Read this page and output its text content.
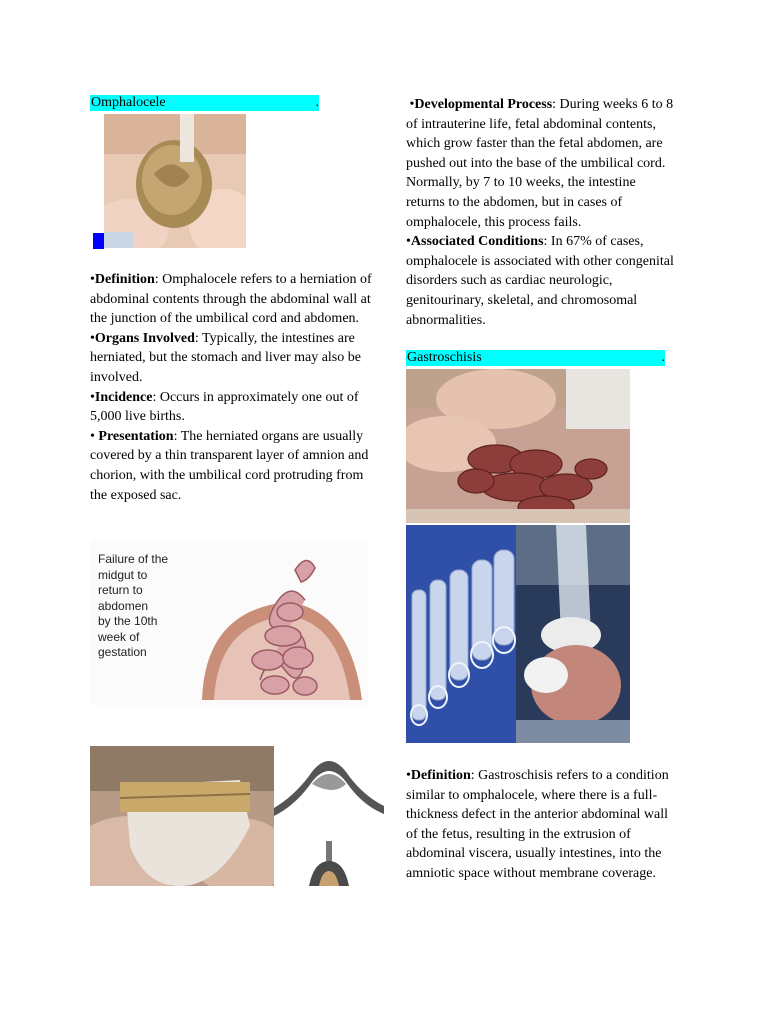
Omphalocele	.

•Definition: Omphalocele refers to a herniation of abdominal contents through the abdominal wall at the junction of the umbilical cord and abdomen.

•Organs Involved: Typically, the intestines are herniated, but the stomach and liver may also be involved.

•Incidence: Occurs in approximately one out of 5,000 live births.

• Presentation: The herniated organs are usually covered by a thin transparent layer of amnion and chorion, with the umbilical cord protruding from the exposed sac.

Failure of the
midgut to
return to
abdomen
by the 10th
week of
gestation

•Developmental Process: During weeks 6 to 8 of intrauterine life, fetal abdominal contents, which grow faster than the fetal abdomen, are pushed out into the base of the umbilical cord. Normally, by 7 to 10 weeks, the intestine returns to the abdomen, but in cases of omphalocele, this process fails.

•Associated Conditions: In 67% of cases, omphalocele is associated with other congenital disorders such as cardiac neurologic, genitourinary, skeletal, and chromosomal abnormalities.

Gastroschisis	.

•Definition: Gastroschisis refers to a condition similar to omphalocele, where there is a full-thickness defect in the anterior abdominal wall of the fetus, resulting in the extrusion of abdominal viscera, usually intestines, into the amniotic space without membrane coverage.
